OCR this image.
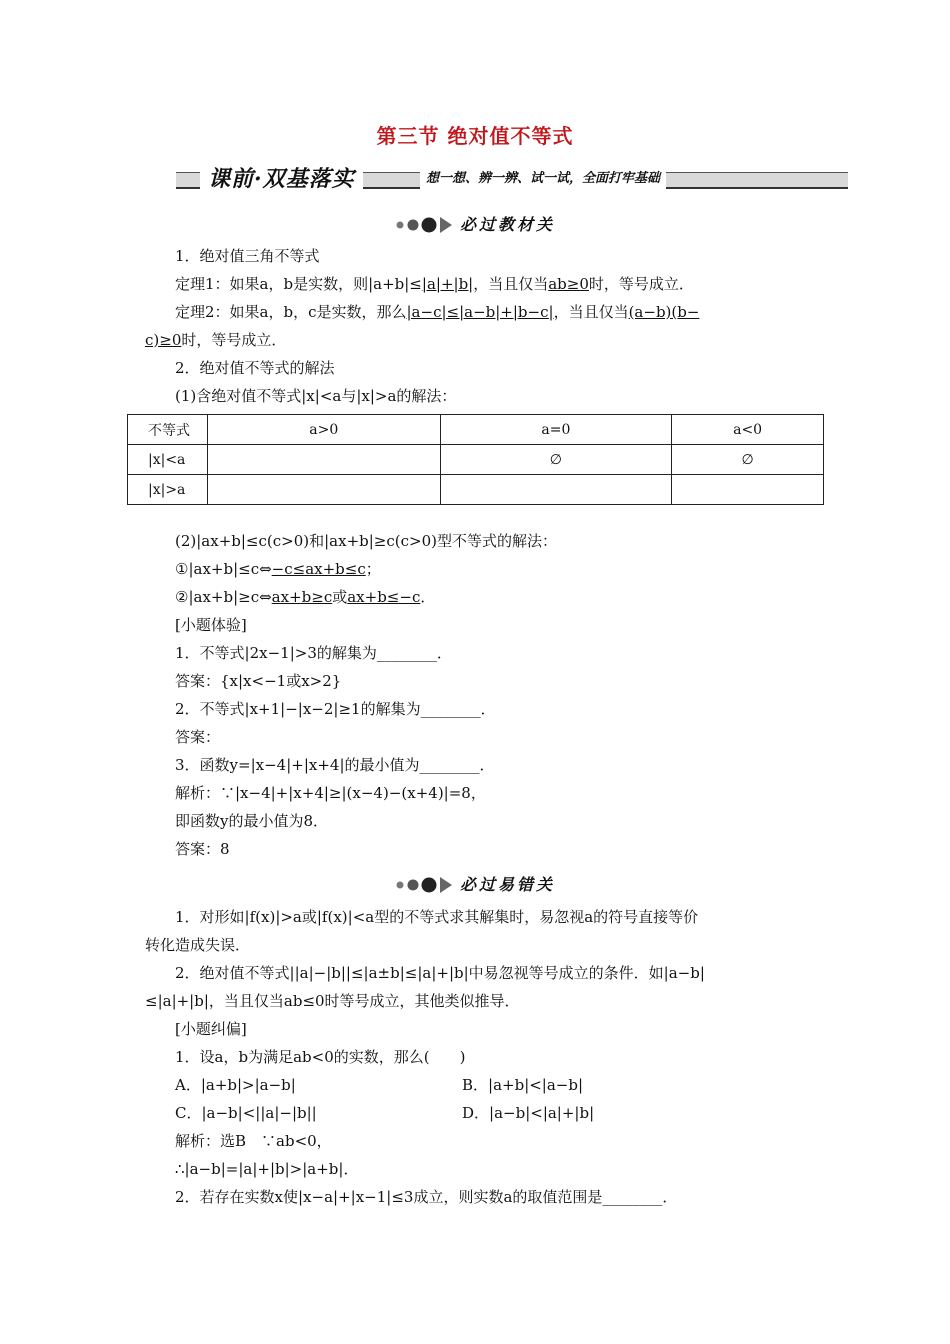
第三节 绝对值不等式
课前·双基落实	想一想、辨一辨、试一试，全面打牢基础
必过教材关
1．绝对值三角不等式
定理1：如果a，b是实数，则|a+b|≤|a|+|b|，当且仅当ab≥0时，等号成立．
定理2：如果a，b，c是实数，那么|a−c|≤|a−b|+|b−c|，当且仅当(a−b)(b−
c)≥0时，等号成立．
2．绝对值不等式的解法
(1)含绝对值不等式|x|<a与|x|>a的解法：
不等式	a>0	a=0	a<0
|x|<a		∅	∅
|x|>a			
(2)|ax+b|≤c(c>0)和|ax+b|≥c(c>0)型不等式的解法：
①|ax+b|≤c⇔−c≤ax+b≤c；
②|ax+b|≥c⇔ax+b≥c或ax+b≤−c．
[小题体验]
1．不等式|2x−1|>3的解集为________．
答案：{x|x<−1或x>2}
2．不等式|x+1|−|x−2|≥1的解集为________．
答案：
3．函数y=|x−4|+|x+4|的最小值为________．
解析：∵|x−4|+|x+4|≥|(x−4)−(x+4)|=8，
即函数y的最小值为8．
答案：8
必过易错关
1．对形如|f(x)|>a或|f(x)|<a型的不等式求其解集时，易忽视a的符号直接等价
转化造成失误．
2．绝对值不等式||a|−|b||≤|a±b|≤|a|+|b|中易忽视等号成立的条件．如|a−b|
≤|a|+|b|，当且仅当ab≤0时等号成立，其他类似推导．
[小题纠偏]
1．设a，b为满足ab<0的实数，那么(　　)
A．|a+b|>|a−b|	B．|a+b|<|a−b|
C．|a−b|<||a|−|b||	D．|a−b|<|a|+|b|
解析：选B　∵ab<0，
∴|a−b|=|a|+|b|>|a+b|．
2．若存在实数x使|x−a|+|x−1|≤3成立，则实数a的取值范围是________．
